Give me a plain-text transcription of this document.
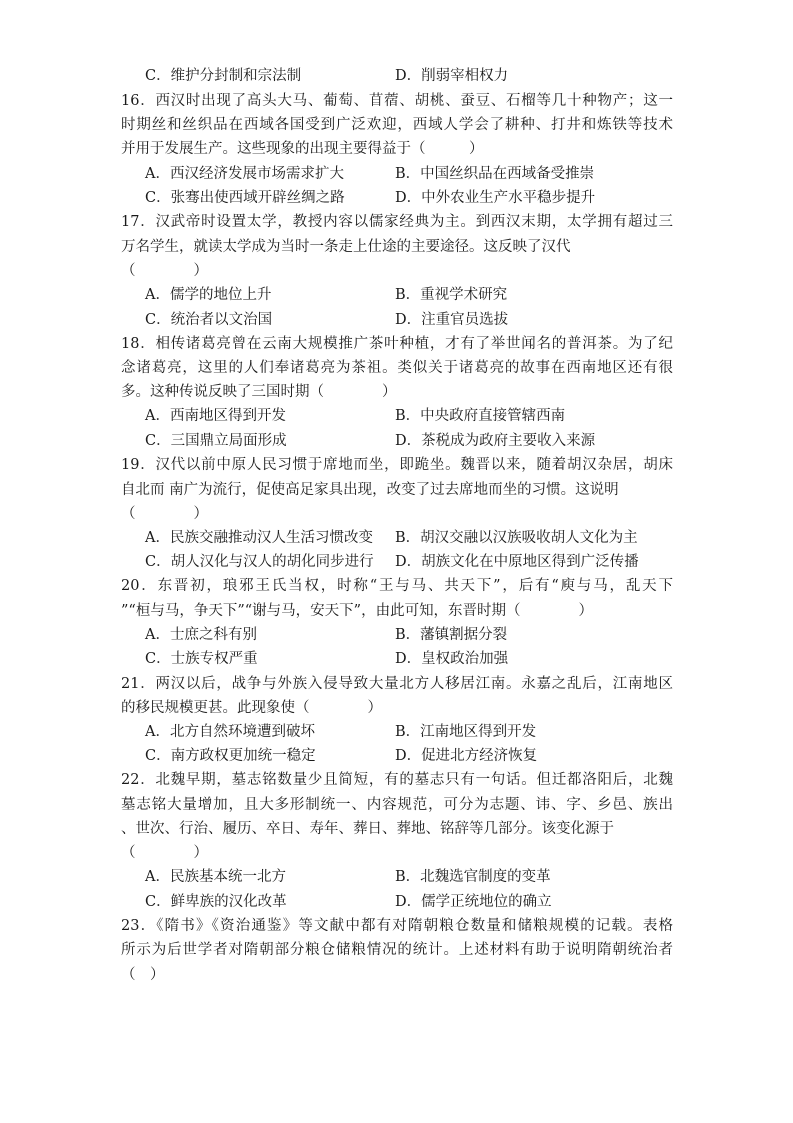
C．维护分封制和宗法制	D．削弱宰相权力
16．西汉时出现了高头大马、葡萄、苜蓿、胡桃、蚕豆、石榴等几十种物产；这一
时期丝和丝织品在西域各国受到广泛欢迎，西域人学会了耕种、打井和炼铁等技术
并用于发展生产。这些现象的出现主要得益于（　　　）
A．西汉经济发展市场需求扩大	B．中国丝织品在西域备受推崇
C．张骞出使西域开辟丝绸之路	D．中外农业生产水平稳步提升
17．汉武帝时设置太学，教授内容以儒家经典为主。到西汉末期，太学拥有超过三
万名学生，就读太学成为当时一条走上仕途的主要途径。这反映了汉代
（　　　　）
A．儒学的地位上升	B．重视学术研究
C．统治者以文治国	D．注重官员选拔
18．相传诸葛亮曾在云南大规模推广茶叶种植，才有了举世闻名的普洱茶。为了纪
念诸葛亮，这里的人们奉诸葛亮为茶祖。类似关于诸葛亮的故事在西南地区还有很
多。这种传说反映了三国时期（　　　　）
A．西南地区得到开发	B．中央政府直接管辖西南
C．三国鼎立局面形成	D．茶税成为政府主要收入来源
19．汉代以前中原人民习惯于席地而坐，即跪坐。魏晋以来，随着胡汉杂居，胡床
自北而 南广为流行，促使高足家具出现，改变了过去席地而坐的习惯。这说明
（　　　　）
A．民族交融推动汉人生活习惯改变 B．胡汉交融以汉族吸收胡人文化为主
C．胡人汉化与汉人的胡化同步进行 D．胡族文化在中原地区得到广泛传播
20．东晋初，琅邪王氏当权，时称“王与马、共天下”，后有“庾与马，乱天下
”“桓与马，争天下”“谢与马，安天下”，由此可知，东晋时期（　　　　）
A．士庶之科有别	B．藩镇割据分裂
C．士族专权严重	D．皇权政治加强
21．两汉以后，战争与外族入侵导致大量北方人移居江南。永嘉之乱后，江南地区
的移民规模更甚。此现象使（　　　　）
A．北方自然环境遭到破坏	B．江南地区得到开发
C．南方政权更加统一稳定	D．促进北方经济恢复
22．北魏早期，墓志铭数量少且简短，有的墓志只有一句话。但迁都洛阳后，北魏
墓志铭大量增加，且大多形制统一、内容规范，可分为志题、讳、字、乡邑、族出
、世次、行治、履历、卒日、寿年、葬日、葬地、铭辞等几部分。该变化源于
（　　　　）
A．民族基本统一北方	B．北魏选官制度的变革
C．鲜卑族的汉化改革	D．儒学正统地位的确立
23．《隋书》《资治通鉴》等文献中都有对隋朝粮仓数量和储粮规模的记载。表格
所示为后世学者对隋朝部分粮仓储粮情况的统计。上述材料有助于说明隋朝统治者
（　）
